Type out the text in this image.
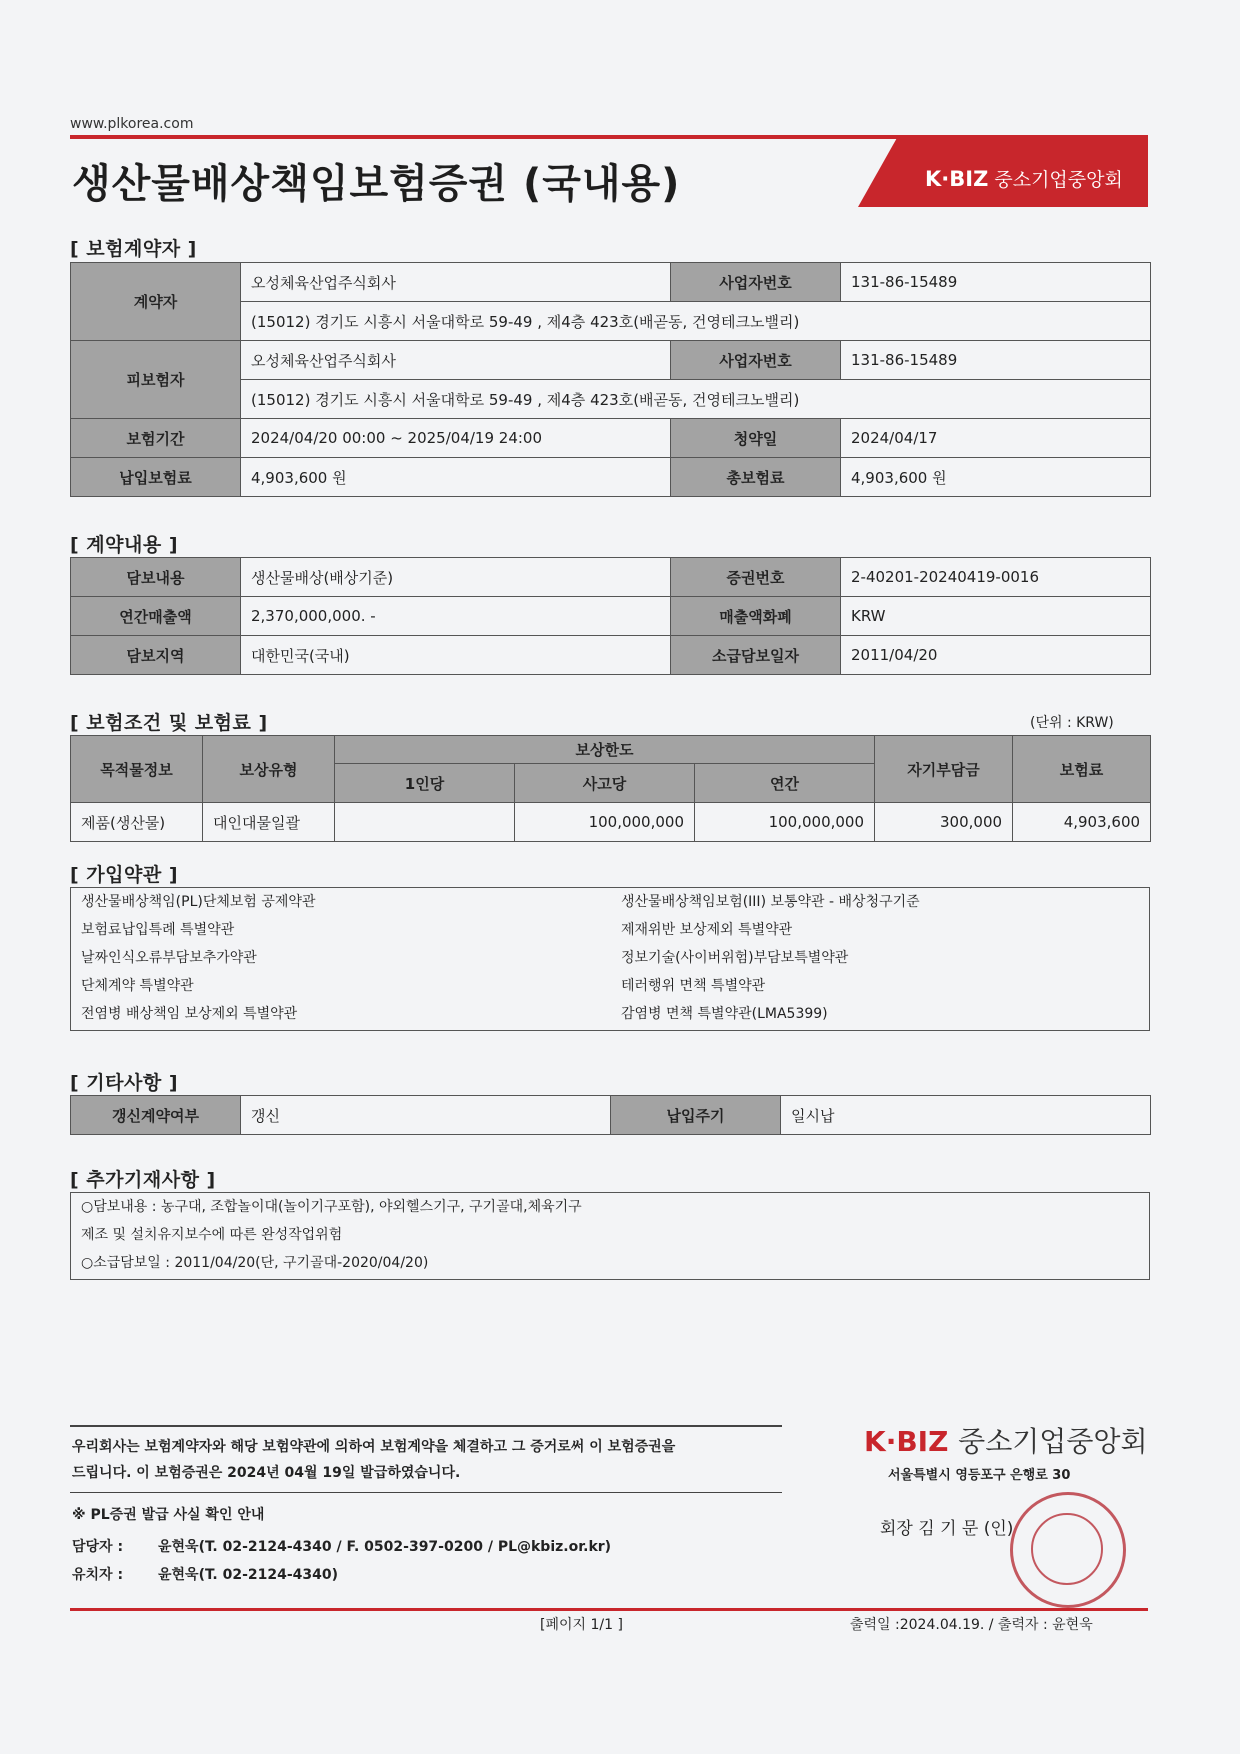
www.plkorea.com
K·BIZ 중소기업중앙회
생산물배상책임보험증권 (국내용)
[ 보험계약자 ]
계약자	오성체육산업주식회사	사업자번호	131-86-15489
	(15012) 경기도 시흥시 서울대학로 59-49 , 제4층 423호(배곧동, 건영테크노밸리)		
피보험자	오성체육산업주식회사	사업자번호	131-86-15489
	(15012) 경기도 시흥시 서울대학로 59-49 , 제4층 423호(배곧동, 건영테크노밸리)		
보험기간	2024/04/20 00:00 ~ 2025/04/19 24:00	청약일	2024/04/17
납입보험료	4,903,600 원	총보험료	4,903,600 원
[ 계약내용 ]
담보내용	생산물배상(배상기준)	증권번호	2-40201-20240419-0016
연간매출액	2,370,000,000. -	매출액화폐	KRW
담보지역	대한민국(국내)	소급담보일자	2011/04/20
[ 보험조건 및 보험료 ]	(단위 : KRW)
목적물정보	보상유형	보상한도			자기부담금	보험료
		1인당	사고당	연간		
제품(생산물)	대인대물일괄		100,000,000	100,000,000	300,000	4,903,600
[ 가입약관 ]
생산물배상책임(PL)단체보험 공제약관
보험료납입특례 특별약관
날짜인식오류부담보추가약관
단체계약 특별약관
전염병 배상책임 보상제외 특별약관
생산물배상책임보험(III) 보통약관 - 배상청구기준
제재위반 보상제외 특별약관
정보기술(사이버위험)부담보특별약관
테러행위 면책 특별약관
감염병 면책 특별약관(LMA5399)
[ 기타사항 ]
갱신계약여부	갱신	납입주기	일시납
[ 추가기재사항 ]
○담보내용 : 농구대, 조합놀이대(놀이기구포함), 야외헬스기구, 구기골대,체육기구
제조 및 설치유지보수에 따른 완성작업위험
○소급담보일 : 2011/04/20(단, 구기골대-2020/04/20)
우리회사는 보험계약자와 해당 보험약관에 의하여 보험계약을 체결하고 그 증거로써 이 보험증권을
드립니다. 이 보험증권은 2024년 04월 19일 발급하였습니다.
※ PL증권 발급 사실 확인 안내
담당자 : 윤현욱(T. 02-2124-4340 / F. 0502-397-0200 / PL@kbiz.or.kr)
유치자 : 윤현욱(T. 02-2124-4340)
K·BIZ 중소기업중앙회
서울특별시 영등포구 은행로 30
회장 김 기 문 (인)
[페이지 1/1 ]	출력일 :2024.04.19. / 출력자 : 윤현욱
